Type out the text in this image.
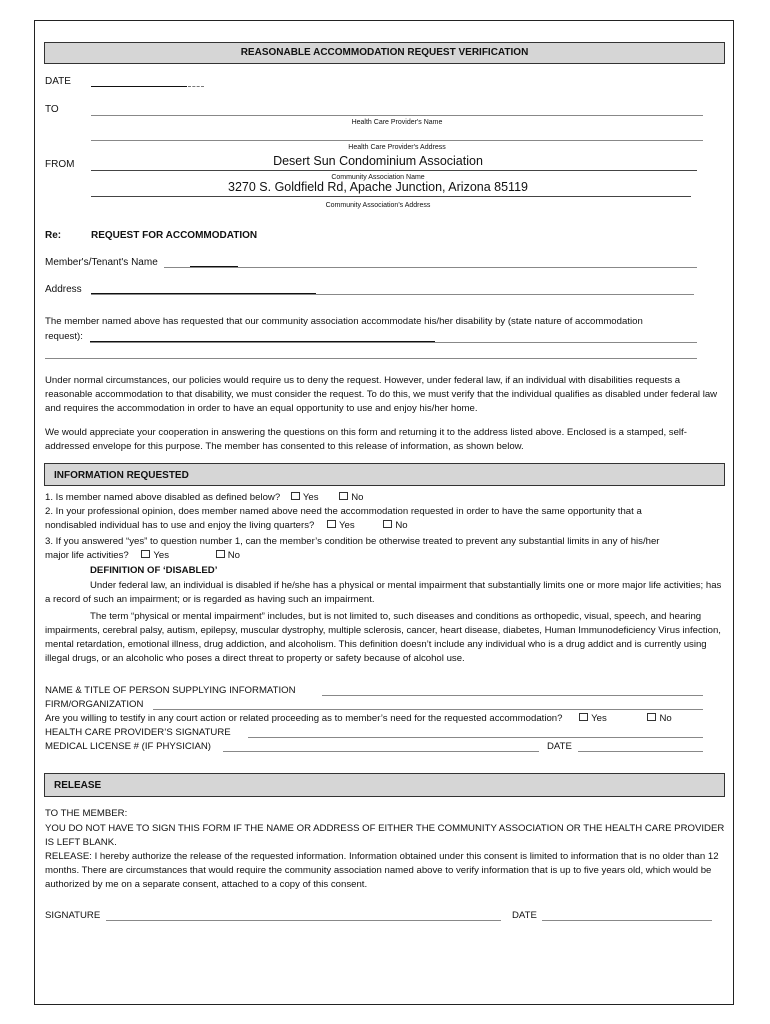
REASONABLE ACCOMMODATION REQUEST VERIFICATION
DATE
TO
Health Care Provider's Name
Health Care Provider's Address
FROM	Desert Sun Condominium Association
Community Association Name
3270 S. Goldfield Rd, Apache Junction, Arizona 85119
Community Association's Address
Re:	REQUEST FOR ACCOMMODATION
Member's/Tenant's Name
Address
The member named above has requested that our community association accommodate his/her disability by (state nature of accommodation
request):
Under normal circumstances, our policies would require us to deny the request. However, under federal law, if an individual with disabilities requests a reasonable accommodation to that disability, we must consider the request. To do this, we must verify that the individual qualifies as disabled under federal law and requires the accommodation in order to have an equal opportunity to use and enjoy his/her home.
We would appreciate your cooperation in answering the questions on this form and returning it to the address listed above. Enclosed is a stamped, self-addressed envelope for this purpose. The member has consented to this release of information, as shown below.
INFORMATION REQUESTED
1. Is member named above disabled as defined below? Yes	No
2. In your professional opinion, does member named above need the accommodation requested in order to have the same opportunity that a
nondisabled individual has to use and enjoy the living quarters?	Yes	No
3. If you answered “yes” to question number 1, can the member’s condition be otherwise treated to prevent any substantial limits in any of his/her
major life activities?	Yes	No
DEFINITION OF ‘DISABLED’
Under federal law, an individual is disabled if he/she has a physical or mental impairment that substantially limits one or more major life activities; has a record of such an impairment; or is regarded as having such an impairment.
The term “physical or mental impairment” includes, but is not limited to, such diseases and conditions as orthopedic, visual, speech, and hearing impairments, cerebral palsy, autism, epilepsy, muscular dystrophy, multiple sclerosis, cancer, heart disease, diabetes, Human Immunodeficiency Virus infection, mental retardation, emotional illness, drug addiction, and alcoholism. This definition doesn’t include any individual who is a drug addict and is currently using illegal drugs, or an alcoholic who poses a direct threat to property or safety because of alcohol use.
NAME & TITLE OF PERSON SUPPLYING INFORMATION
FIRM/ORGANIZATION
Are you willing to testify in any court action or related proceeding as to member’s need for the requested accommodation?	Yes	No
HEALTH CARE PROVIDER’S SIGNATURE
MEDICAL LICENSE # (IF PHYSICIAN)	DATE
RELEASE
TO THE MEMBER:
YOU DO NOT HAVE TO SIGN THIS FORM IF THE NAME OR ADDRESS OF EITHER THE COMMUNITY ASSOCIATION OR THE HEALTH CARE PROVIDER IS LEFT BLANK.
RELEASE: I hereby authorize the release of the requested information. Information obtained under this consent is limited to information that is no older than 12 months. There are circumstances that would require the community association named above to verify information that is up to five years old, which would be authorized by me on a separate consent, attached to a copy of this consent.
SIGNATURE	DATE
